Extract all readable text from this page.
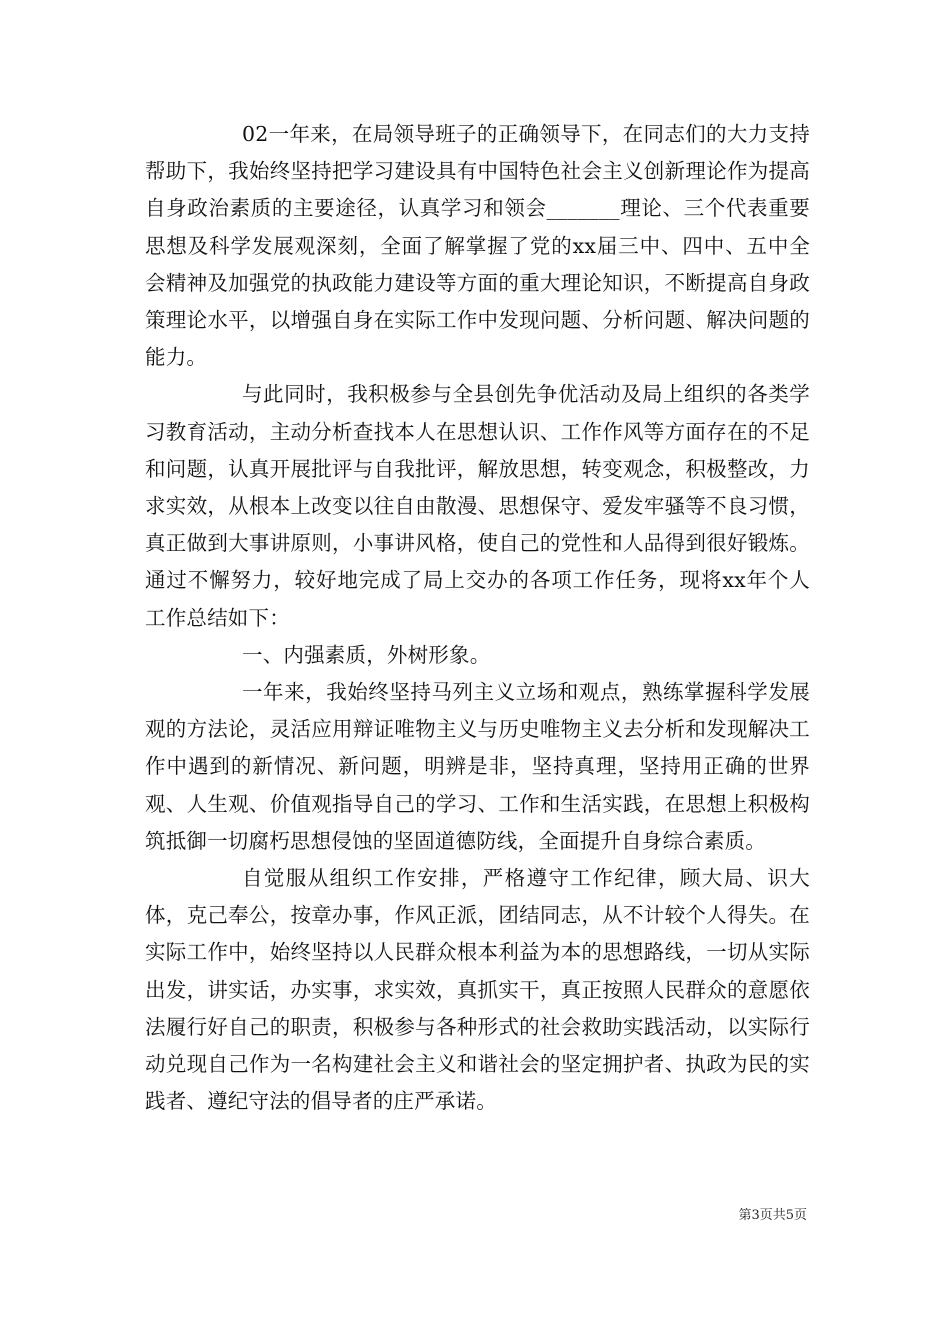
02一年来，在局领导班子的正确领导下，在同志们的大力支持帮助下，我始终坚持把学习建设具有中国特色社会主义创新理论作为提高自身政治素质的主要途径，认真学习和领会_______理论、三个代表重要思想及科学发展观深刻，全面了解掌握了党的xx届三中、四中、五中全会精神及加强党的执政能力建设等方面的重大理论知识，不断提高自身政策理论水平，以增强自身在实际工作中发现问题、分析问题、解决问题的能力。

与此同时，我积极参与全县创先争优活动及局上组织的各类学习教育活动，主动分析查找本人在思想认识、工作作风等方面存在的不足和问题，认真开展批评与自我批评，解放思想，转变观念，积极整改，力求实效，从根本上改变以往自由散漫、思想保守、爱发牢骚等不良习惯，真正做到大事讲原则，小事讲风格，使自己的党性和人品得到很好锻炼。通过不懈努力，较好地完成了局上交办的各项工作任务，现将xx年个人工作总结如下：

一、内强素质，外树形象。

一年来，我始终坚持马列主义立场和观点，熟练掌握科学发展观的方法论，灵活应用辩证唯物主义与历史唯物主义去分析和发现解决工作中遇到的新情况、新问题，明辨是非，坚持真理，坚持用正确的世界观、人生观、价值观指导自己的学习、工作和生活实践，在思想上积极构筑抵御一切腐朽思想侵蚀的坚固道德防线，全面提升自身综合素质。

自觉服从组织工作安排，严格遵守工作纪律，顾大局、识大体，克己奉公，按章办事，作风正派，团结同志，从不计较个人得失。在实际工作中，始终坚持以人民群众根本利益为本的思想路线，一切从实际出发，讲实话，办实事，求实效，真抓实干，真正按照人民群众的意愿依法履行好自己的职责，积极参与各种形式的社会救助实践活动，以实际行动兑现自己作为一名构建社会主义和谐社会的坚定拥护者、执政为民的实践者、遵纪守法的倡导者的庄严承诺。

第3页共5页
